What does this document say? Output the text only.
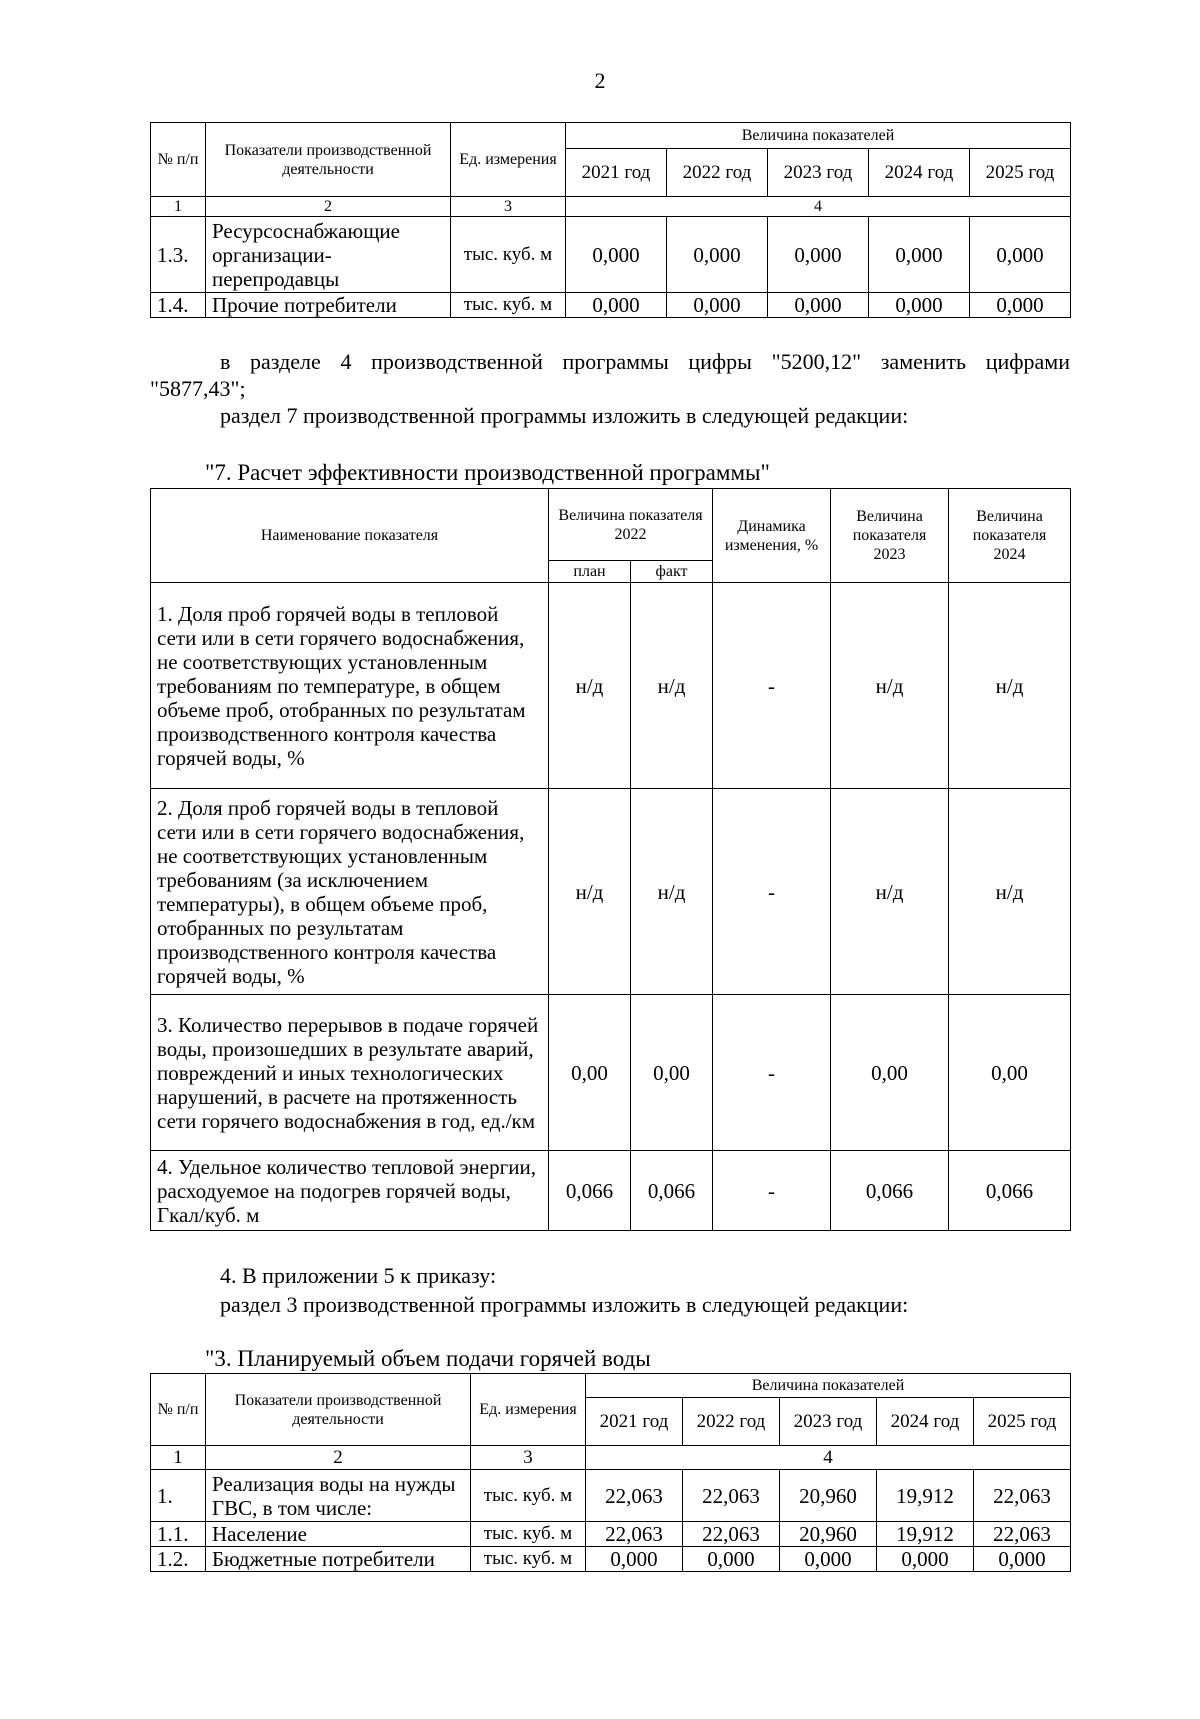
2
№ п/п	Показатели производственной деятельности	Ед. измерения	Величина показателей				
			2021 год	2022 год	2023 год	2024 год	2025 год
1	2	3	4				
1.3.	Ресурсоснабжающие организации-перепродавцы	тыс. куб. м	0,000	0,000	0,000	0,000	0,000
1.4.	Прочие потребители	тыс. куб. м	0,000	0,000	0,000	0,000	0,000
в разделе 4 производственной программы цифры "5200,12" заменить цифрами
"5877,43";
раздел 7 производственной программы изложить в следующей редакции:
"7. Расчет эффективности производственной программы"
Наименование показателя	Величина показателя 2022		Динамика изменения, %	Величина показателя 2023	Величина показателя 2024
	план	факт			
1. Доля проб горячей воды в тепловой сети или в сети горячего водоснабжения, не соответствующих установленным требованиям по температуре, в общем объеме проб, отобранных по результатам производственного контроля качества горячей воды, %	н/д	н/д	-	н/д	н/д
2. Доля проб горячей воды в тепловой сети или в сети горячего водоснабжения, не соответствующих установленным требованиям (за исключением температуры), в общем объеме проб, отобранных по результатам производственного контроля качества горячей воды, %	н/д	н/д	-	н/д	н/д
3. Количество перерывов в подаче горячей воды, произошедших в результате аварий, повреждений и иных технологических нарушений, в расчете на протяженность сети горячего водоснабжения в год, ед./км	0,00	0,00	-	0,00	0,00
4. Удельное количество тепловой энергии, расходуемое на подогрев горячей воды, Гкал/куб. м	0,066	0,066	-	0,066	0,066
4. В приложении 5 к приказу:
раздел 3 производственной программы изложить в следующей редакции:
"3. Планируемый объем подачи горячей воды
№ п/п	Показатели производственной деятельности	Ед. измерения	Величина показателей				
			2021 год	2022 год	2023 год	2024 год	2025 год
1	2	3	4				
1.	Реализация воды на нужды ГВС, в том числе:	тыс. куб. м	22,063	22,063	20,960	19,912	22,063
1.1.	Население	тыс. куб. м	22,063	22,063	20,960	19,912	22,063
1.2.	Бюджетные потребители	тыс. куб. м	0,000	0,000	0,000	0,000	0,000
